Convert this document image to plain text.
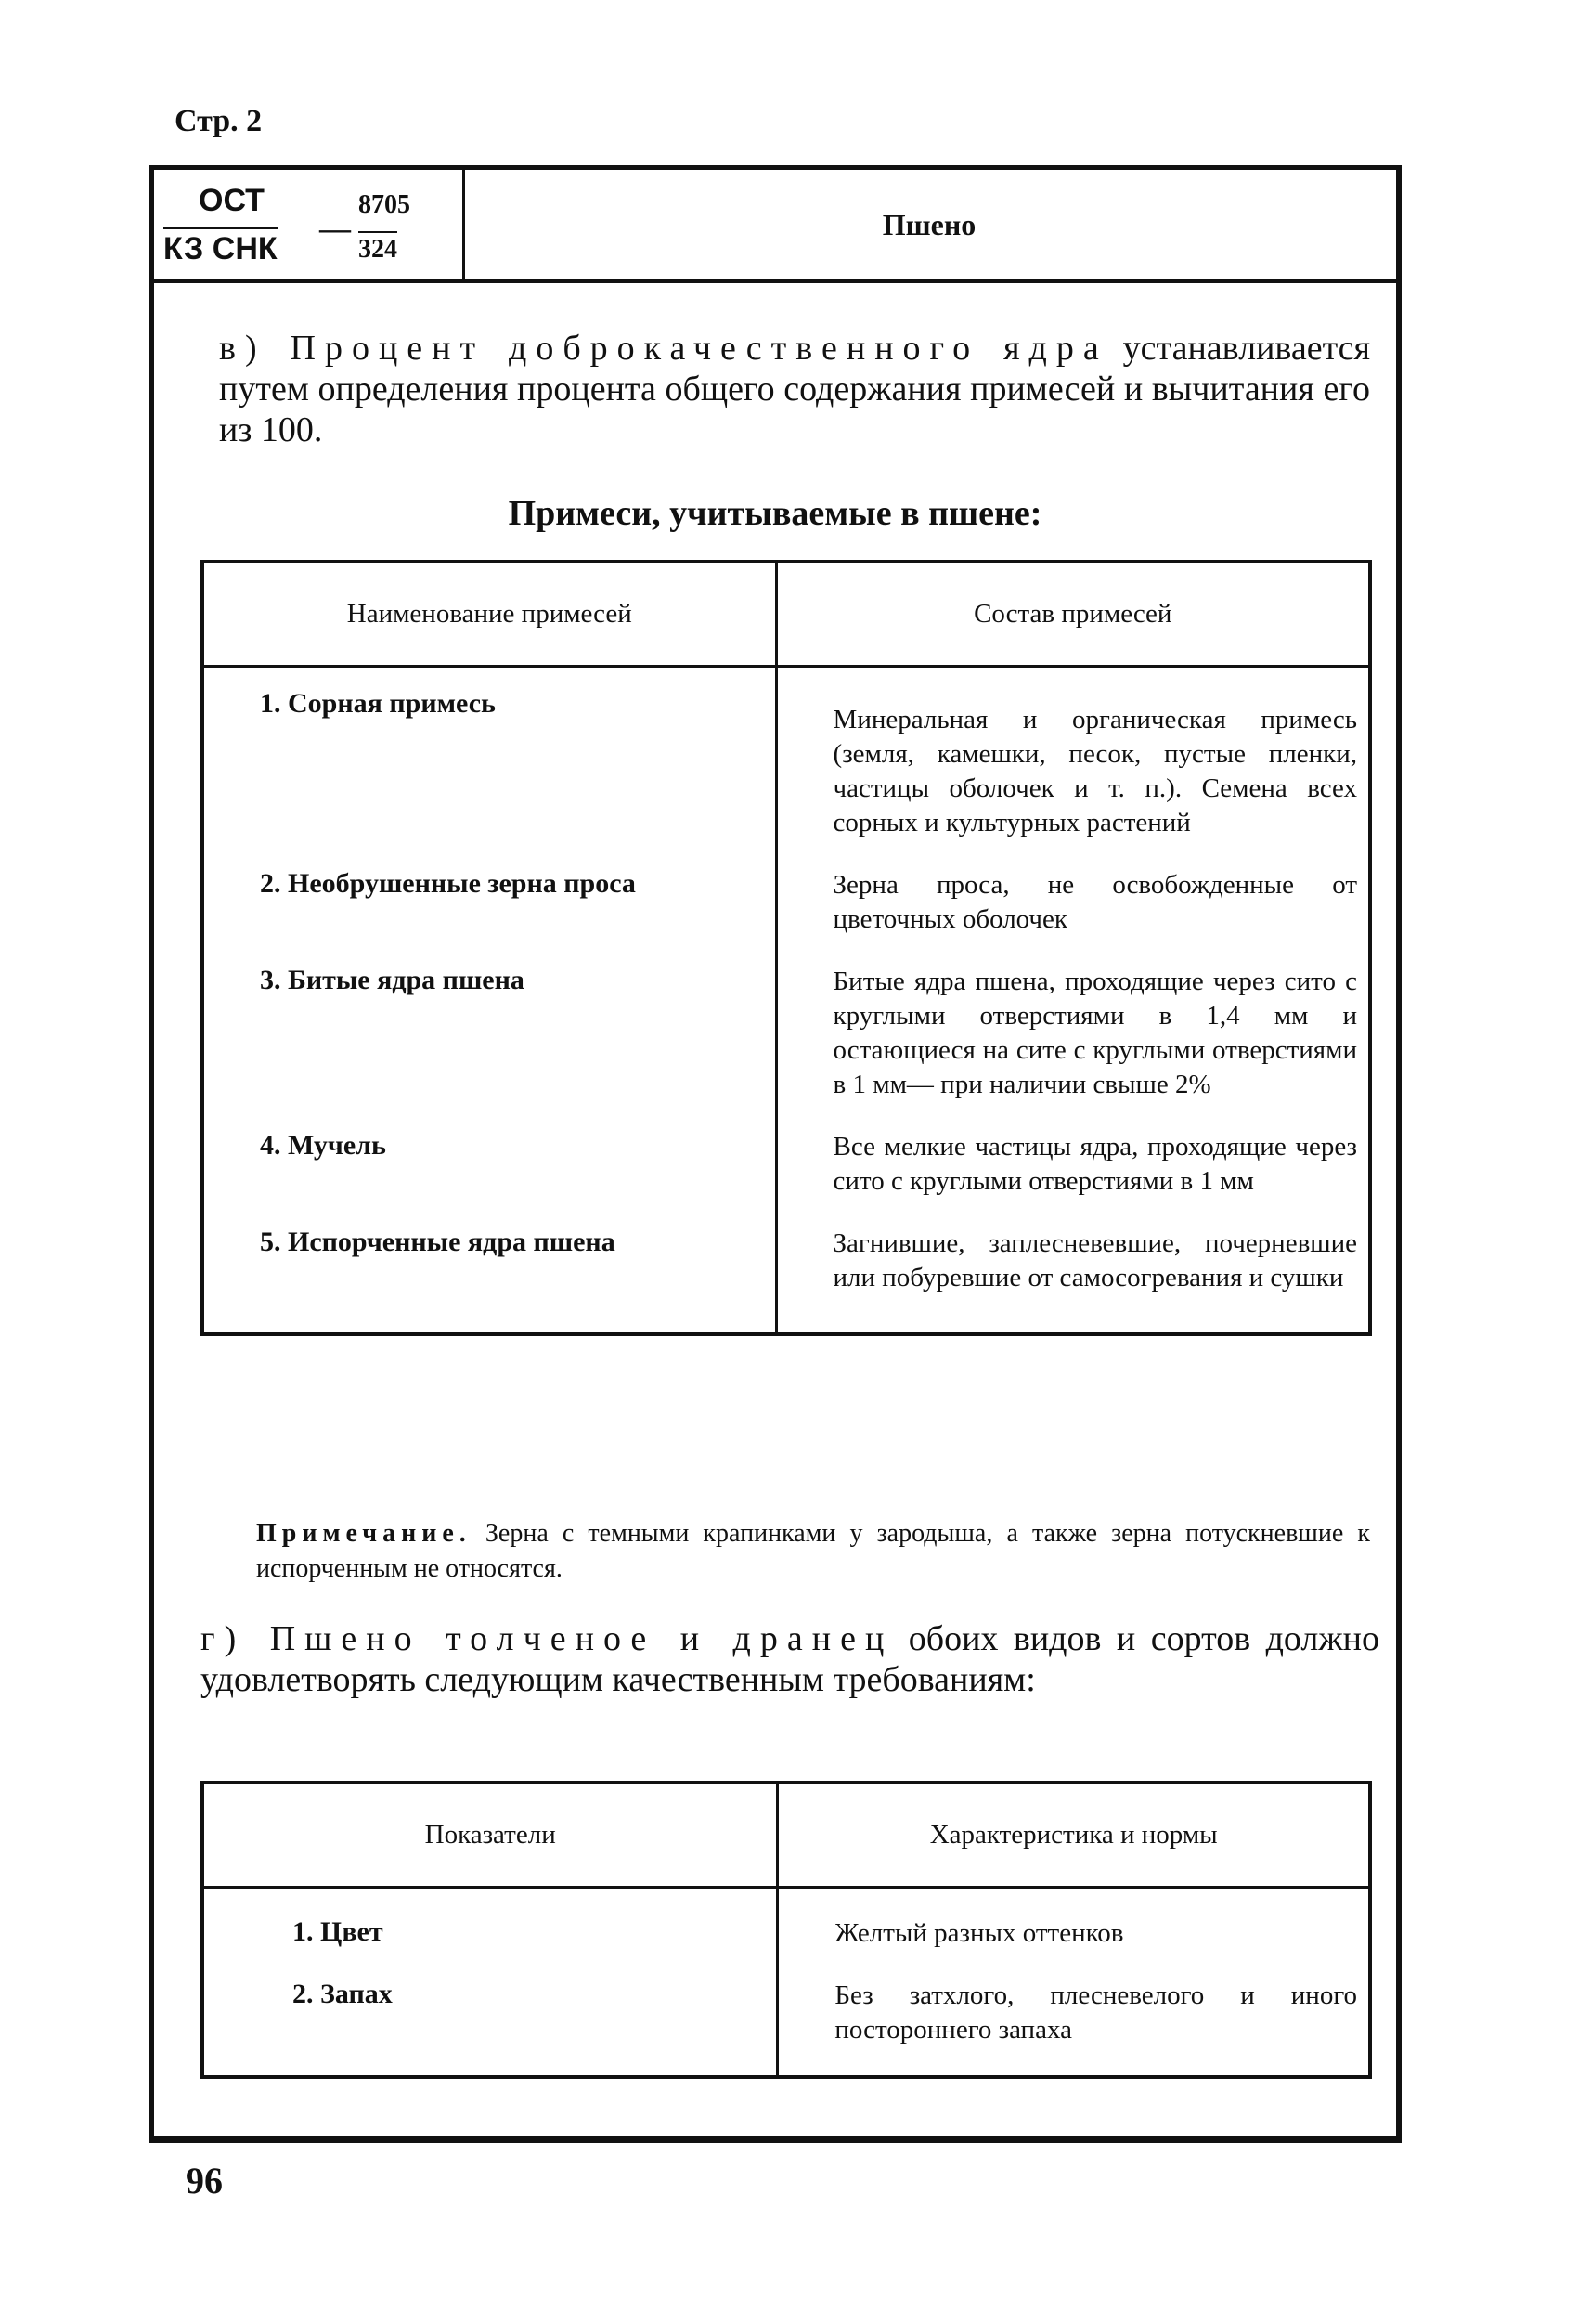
Стр. 2
ОСТ
КЗ СНК
—
8705
324
Пшено
в) Процент доброкачественного ядра устанавливается путем определения процента общего содержания примесей и вычитания его из 100.
Примеси, учитываемые в пшене:
Наименование примесей	Состав примесей
1. Сорная примесь	Минеральная и органическая примесь (земля, камешки, песок, пустые пленки, частицы оболочек и т. п.). Семена всех сорных и культурных растений
2. Необрушенные зерна проса	Зерна проса, не освобожденные от цветочных оболочек
3. Битые ядра пшена	Битые ядра пшена, проходящие через сито с круглыми отверстиями в 1,4 мм и остающиеся на сите с круглыми отверстиями в 1 мм— при наличии свыше 2%
4. Мучель	Все мелкие частицы ядра, проходящие через сито с круглыми отверстиями в 1 мм
5. Испорченные ядра пшена	Загнившие, заплесневевшие, почерневшие или побуревшие от самосогревания и сушки
Примечание. Зерна с темными крапинками у зародыша, а также зерна потускневшие к испорченным не относятся.
г) Пшено толченое и дранец обоих видов и сортов должно удовлетворять следующим качественным требованиям:
Показатели	Характеристика и нормы
1. Цвет	Желтый разных оттенков
2. Запах	Без затхлого, плесневелого и иного постороннего запаха
96
